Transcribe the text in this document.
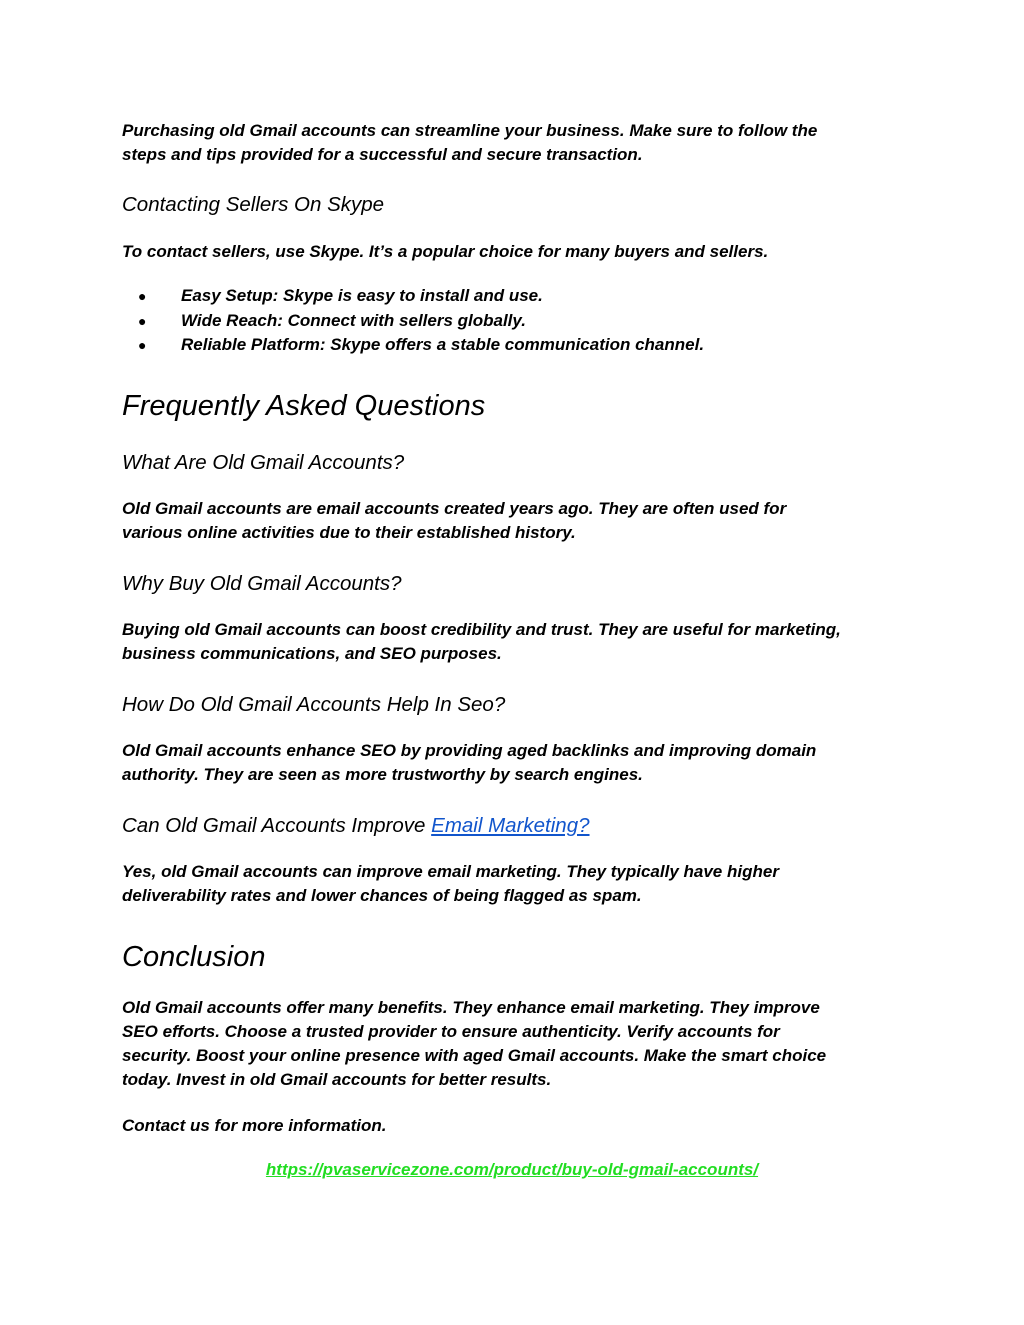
Purchasing old Gmail accounts can streamline your business. Make sure to follow the

steps and tips provided for a successful and secure transaction.

Contacting Sellers On Skype

To contact sellers, use Skype. It’s a popular choice for many buyers and sellers.

● Easy Setup: Skype is easy to install and use.
● Wide Reach: Connect with sellers globally.
● Reliable Platform: Skype offers a stable communication channel.
Frequently Asked Questions
What Are Old Gmail Accounts?

Old Gmail accounts are email accounts created years ago. They are often used for

various online activities due to their established history.

Why Buy Old Gmail Accounts?

Buying old Gmail accounts can boost credibility and trust. They are useful for marketing,

business communications, and SEO purposes.

How Do Old Gmail Accounts Help In Seo?

Old Gmail accounts enhance SEO by providing aged backlinks and improving domain

authority. They are seen as more trustworthy by search engines.

Can Old Gmail Accounts Improve Email Marketing?

Yes, old Gmail accounts can improve email marketing. They typically have higher

deliverability rates and lower chances of being flagged as spam.

Conclusion

Old Gmail accounts offer many benefits. They enhance email marketing. They improve

SEO efforts. Choose a trusted provider to ensure authenticity. Verify accounts for

security. Boost your online presence with aged Gmail accounts. Make the smart choice

today. Invest in old Gmail accounts for better results.

Contact us for more information.

https://pvaservicezone.com/product/buy-old-gmail-accounts/
